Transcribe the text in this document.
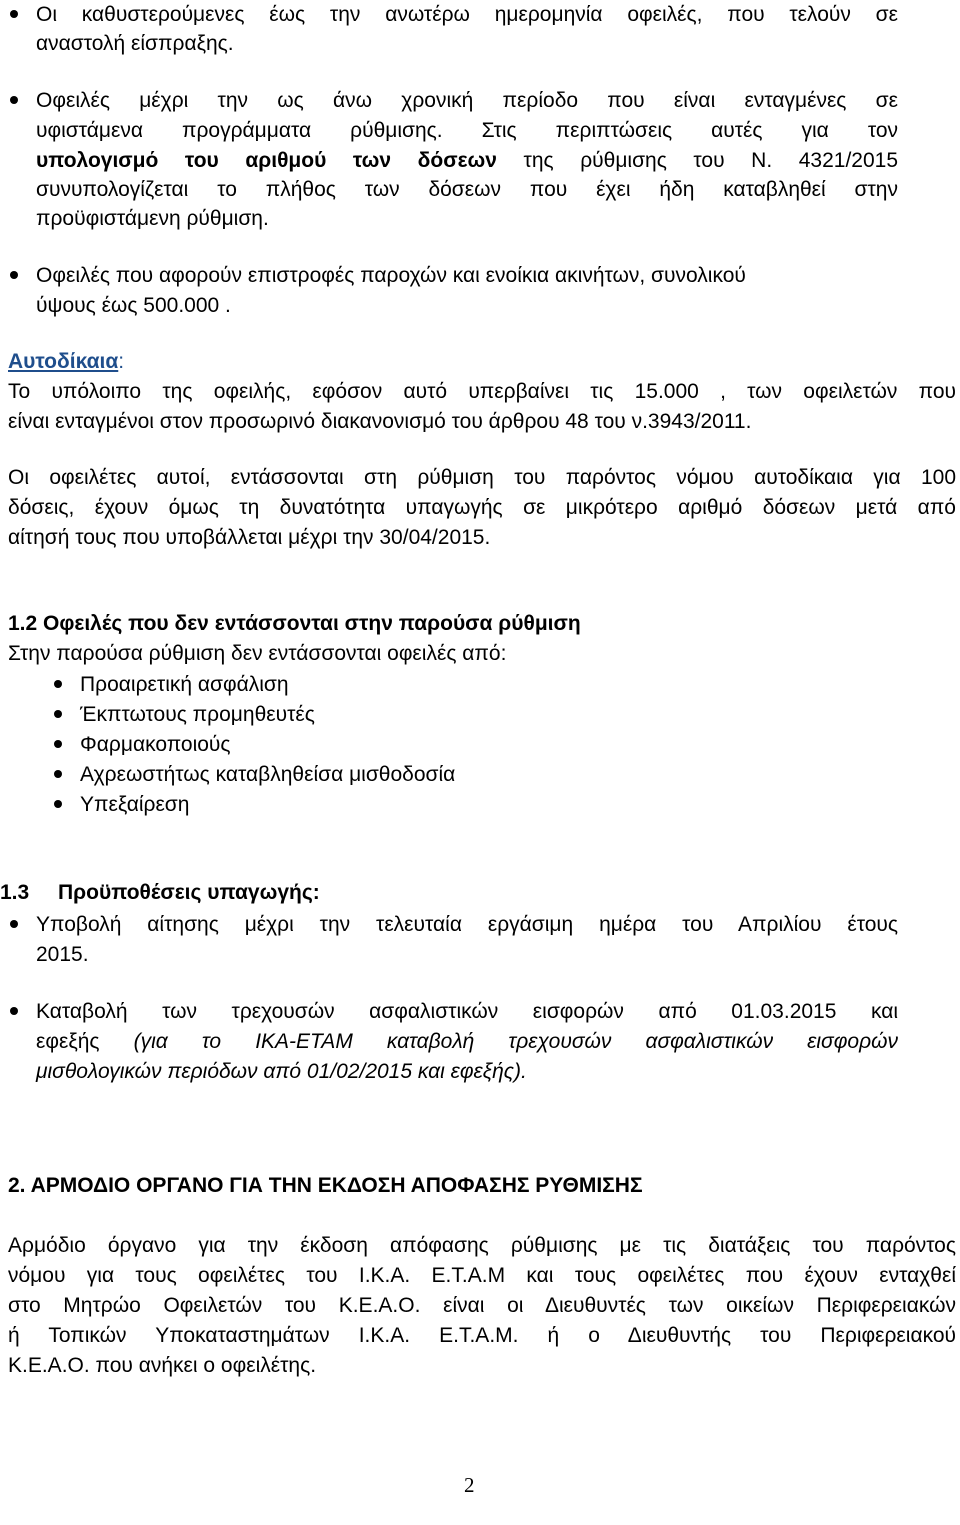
Οι καθυστερούμενες έως την ανωτέρω ημερομηνία οφειλές, που τελούν σε
αναστολή είσπραξης.
Οφειλές μέχρι την ως άνω χρονική περίοδο που είναι ενταγμένες σε
υφιστάμενα προγράμματα ρύθμισης. Στις περιπτώσεις αυτές για τον
υπολογισμό του αριθμού των δόσεων της ρύθμισης του Ν. 4321/2015
συνυπολογίζεται το πλήθος των δόσεων που έχει ήδη καταβληθεί στην
προϋφιστάμενη ρύθμιση.
Οφειλές που αφορούν επιστροφές παροχών και ενοίκια ακινήτων, συνολικού
ύψους έως 500.000 .
Αυτοδίκαια:
Το υπόλοιπο της οφειλής, εφόσον αυτό υπερβαίνει τις 15.000 , των οφειλετών που
είναι ενταγμένοι στον προσωρινό διακανονισμό του άρθρου 48 του ν.3943/2011.
Οι οφειλέτες αυτοί, εντάσσονται στη ρύθμιση του παρόντος νόμου αυτοδίκαια για 100
δόσεις, έχουν όμως τη δυνατότητα υπαγωγής σε μικρότερο αριθμό δόσεων μετά από
αίτησή τους που υποβάλλεται μέχρι την 30/04/2015.
1.2 Οφειλές που δεν εντάσσονται στην παρούσα ρύθμιση
Στην παρούσα ρύθμιση δεν εντάσσονται οφειλές από:
Προαιρετική ασφάλιση
Έκπτωτους προμηθευτές
Φαρμακοποιούς
Αχρεωστήτως καταβληθείσα μισθοδοσία
Υπεξαίρεση
1.3 Προϋποθέσεις υπαγωγής:
Υποβολή αίτησης μέχρι την τελευταία εργάσιμη ημέρα του Απριλίου έτους
2015.
Καταβολή των τρεχουσών ασφαλιστικών εισφορών από 01.03.2015 και
εφεξής (για το ΙΚΑ-ΕΤΑΜ καταβολή τρεχουσών ασφαλιστικών εισφορών
μισθολογικών περιόδων από 01/02/2015 και εφεξής).
2. ΑΡΜΟΔΙΟ ΟΡΓΑΝΟ ΓΙΑ ΤΗΝ ΕΚΔΟΣΗ ΑΠΟΦΑΣΗΣ ΡΥΘΜΙΣΗΣ
Αρμόδιο όργανο για την έκδοση απόφασης ρύθμισης με τις διατάξεις του παρόντος
νόμου για τους οφειλέτες του Ι.Κ.Α. Ε.Τ.Α.Μ και τους οφειλέτες που έχουν ενταχθεί
στο Μητρώο Οφειλετών του Κ.Ε.Α.Ο. είναι οι Διευθυντές των οικείων Περιφερειακών
ή Τοπικών Υποκαταστημάτων Ι.Κ.Α. Ε.Τ.Α.Μ. ή ο Διευθυντής του Περιφερειακού
Κ.Ε.Α.Ο. που ανήκει ο οφειλέτης.
2
